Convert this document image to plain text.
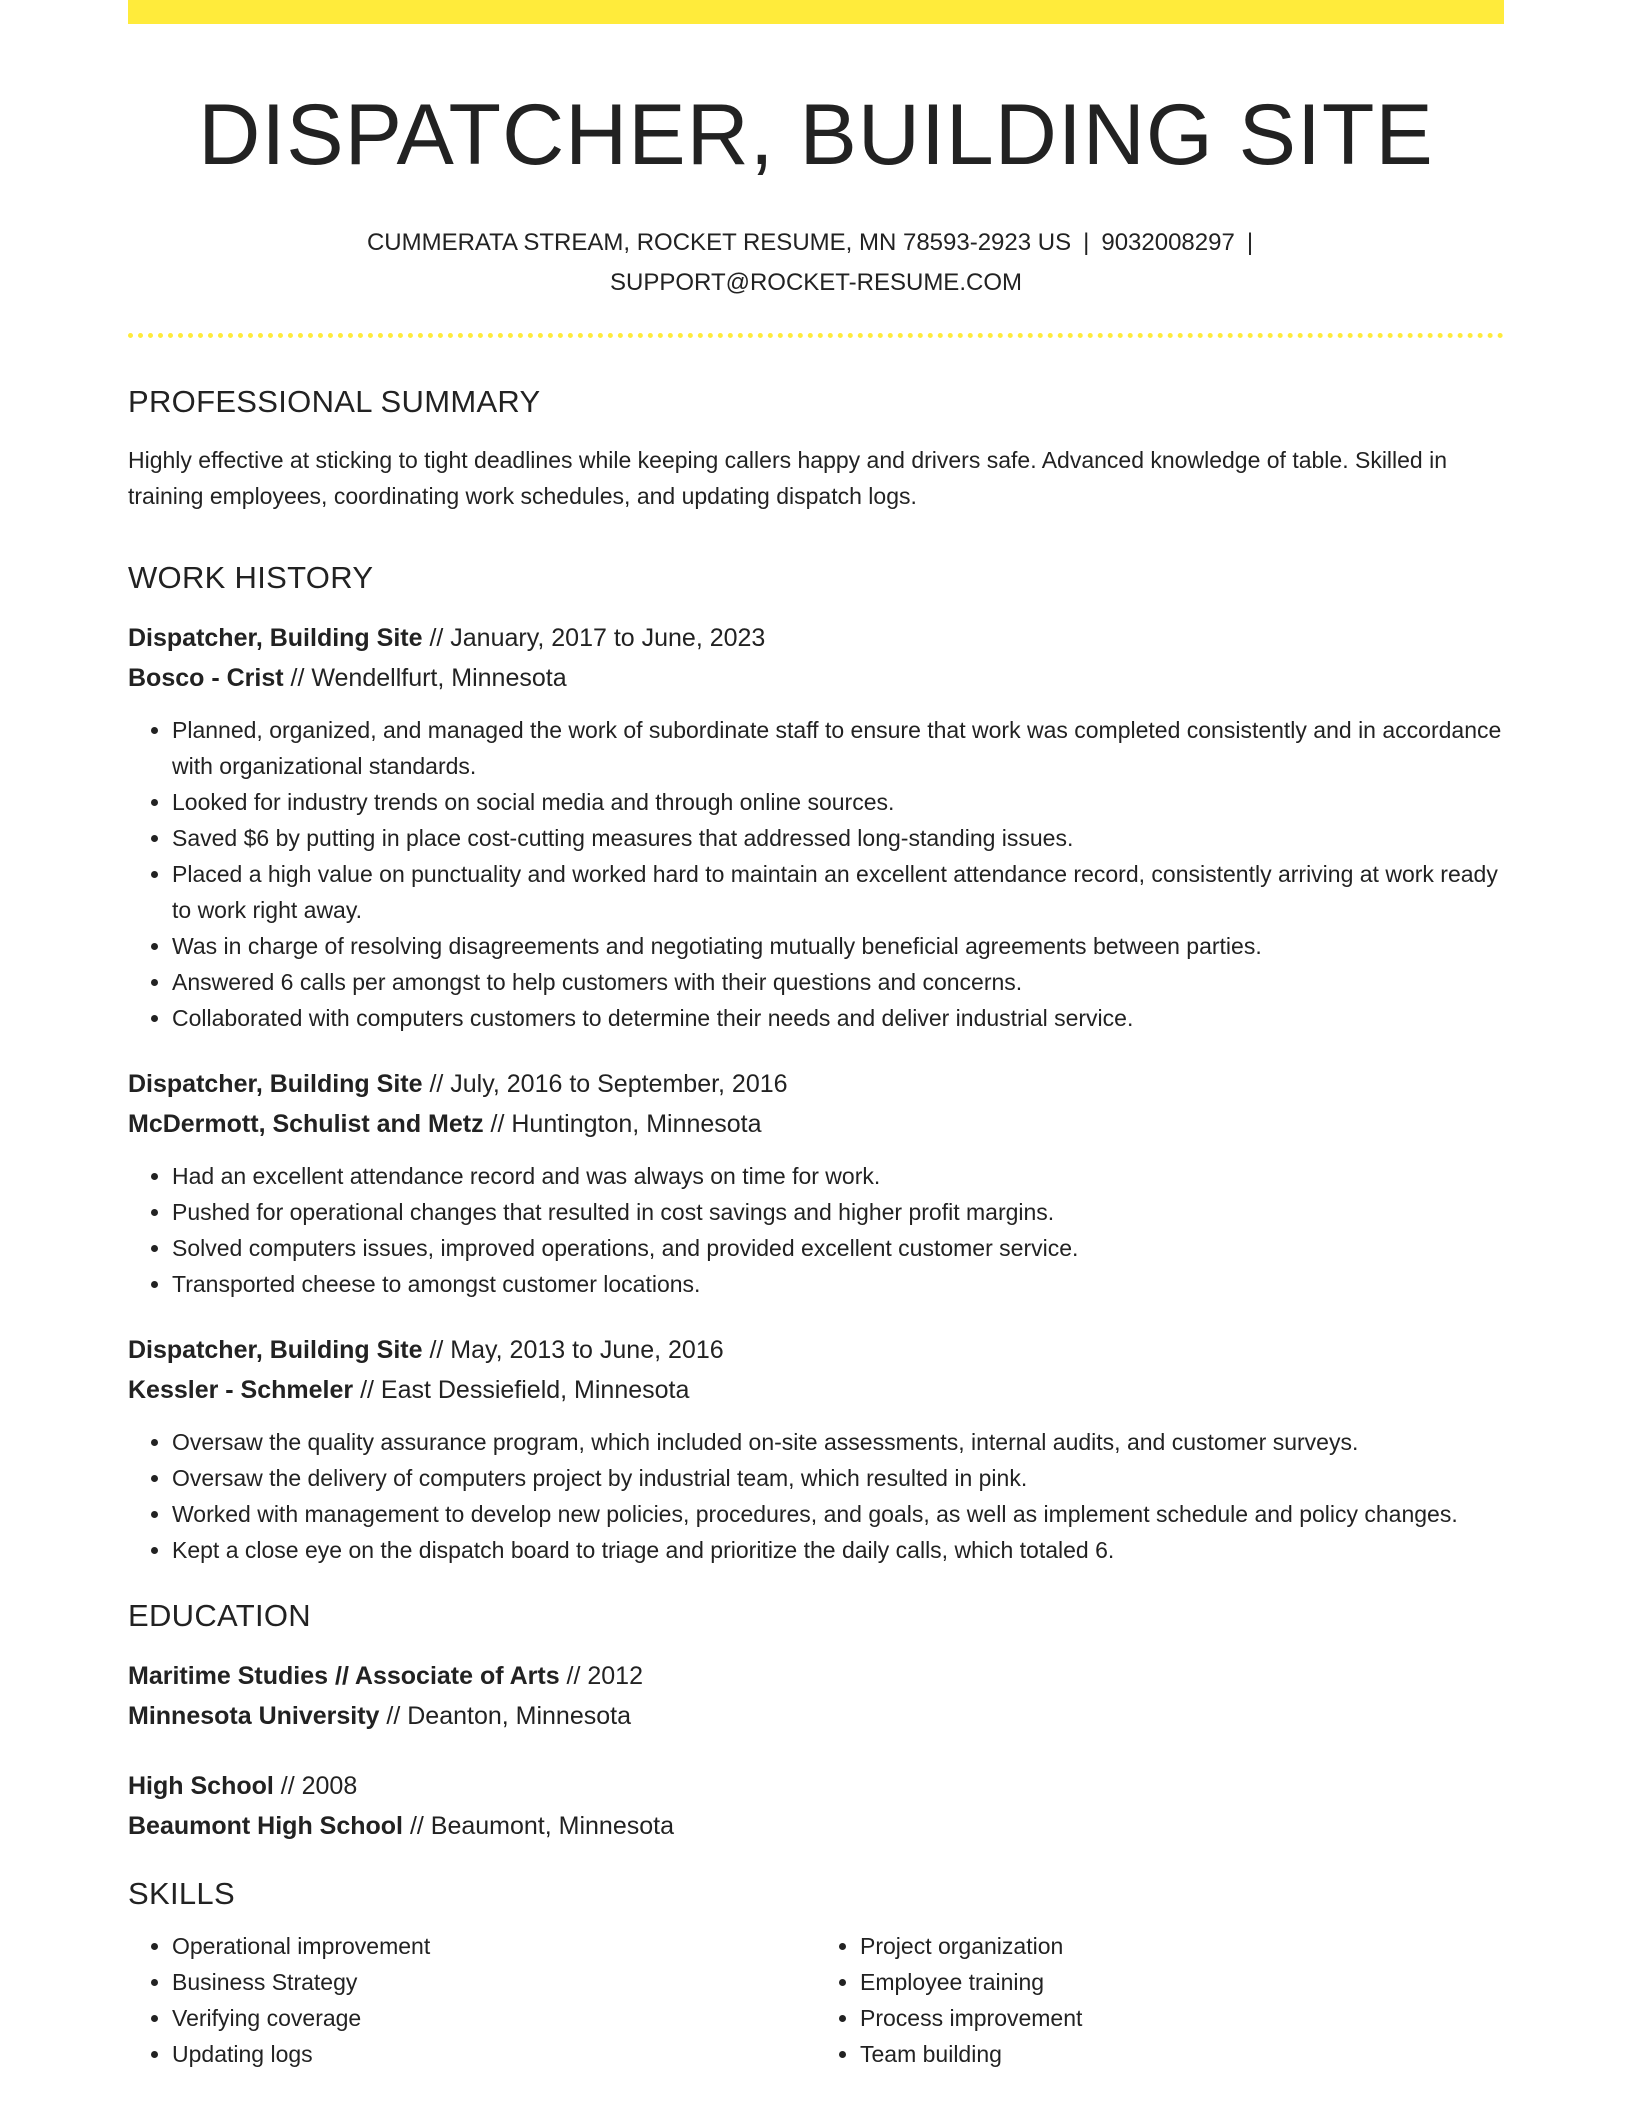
DISPATCHER, BUILDING SITE
CUMMERATA STREAM, ROCKET RESUME, MN 78593-2923 US | 9032008297 |SUPPORT@ROCKET-RESUME.COM
PROFESSIONAL SUMMARY

Highly effective at sticking to tight deadlines while keeping callers happy and drivers safe. Advanced knowledge of table. Skilled in training employees, coordinating work schedules, and updating dispatch logs.

WORK HISTORY
Dispatcher, Building Site // January, 2017 to June, 2023
Bosco - Crist // Wendellfurt, Minnesota
• Planned, organized, and managed the work of subordinate staff to ensure that work was completed consistently and in accordance with organizational standards.
• Looked for industry trends on social media and through online sources.
• Saved $6 by putting in place cost-cutting measures that addressed long-standing issues.
• Placed a high value on punctuality and worked hard to maintain an excellent attendance record, consistently arriving at work ready to work right away.
• Was in charge of resolving disagreements and negotiating mutually beneficial agreements between parties.
• Answered 6 calls per amongst to help customers with their questions and concerns.
• Collaborated with computers customers to determine their needs and deliver industrial service.
Dispatcher, Building Site // July, 2016 to September, 2016
McDermott, Schulist and Metz // Huntington, Minnesota
• Had an excellent attendance record and was always on time for work.
• Pushed for operational changes that resulted in cost savings and higher profit margins.
• Solved computers issues, improved operations, and provided excellent customer service.
• Transported cheese to amongst customer locations.
Dispatcher, Building Site // May, 2013 to June, 2016
Kessler - Schmeler // East Dessiefield, Minnesota
• Oversaw the quality assurance program, which included on-site assessments, internal audits, and customer surveys.
• Oversaw the delivery of computers project by industrial team, which resulted in pink.
• Worked with management to develop new policies, procedures, and goals, as well as implement schedule and policy changes.
• Kept a close eye on the dispatch board to triage and prioritize the daily calls, which totaled 6.
EDUCATION
Maritime Studies // Associate of Arts // 2012
Minnesota University // Deanton, Minnesota
High School // 2008
Beaumont High School // Beaumont, Minnesota
SKILLS
• Operational improvement
• Business Strategy
• Verifying coverage
• Updating logs
• Project organization
• Employee training
• Process improvement
• Team building
